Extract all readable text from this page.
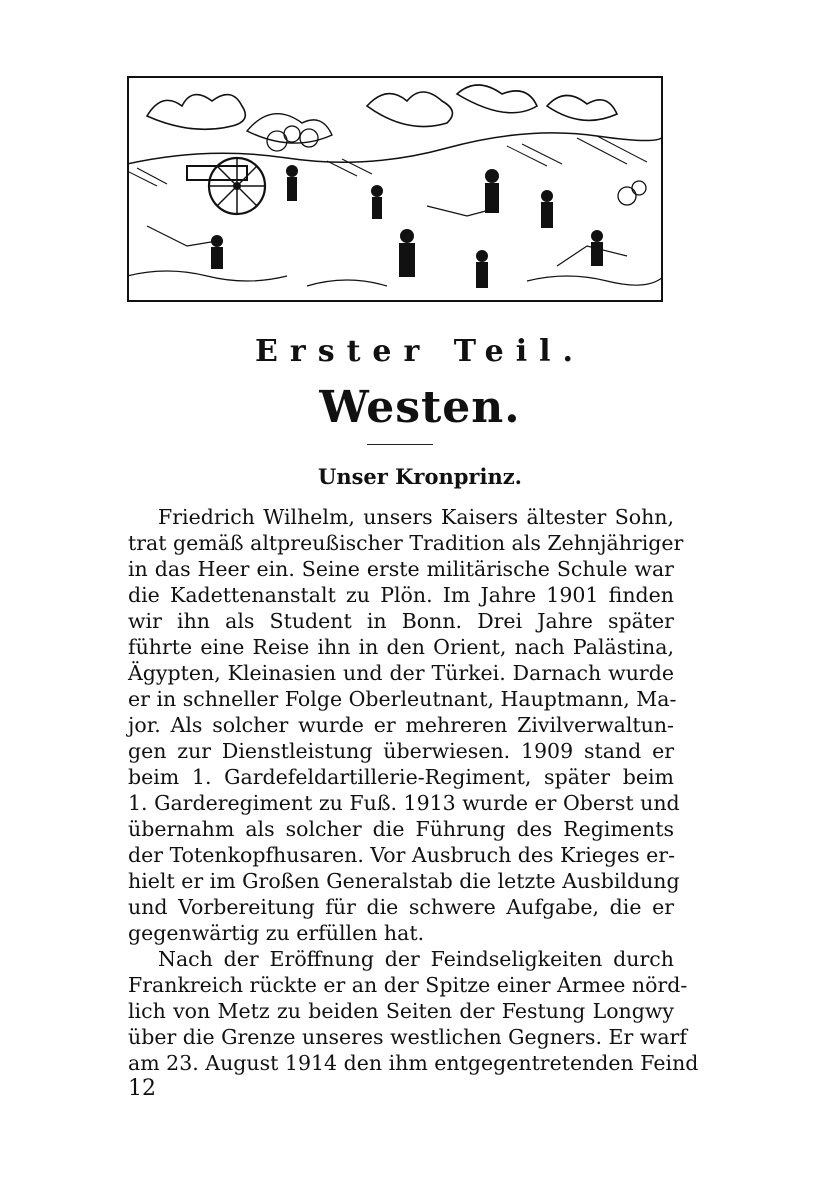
Erster Teil.
Westen.
Unser Kronprinz.
Friedrich Wilhelm, unsers Kaisers ältester Sohn,
trat gemäß altpreußischer Tradition als Zehnjähriger
in das Heer ein. Seine erste militärische Schule war
die Kadettenanstalt zu Plön. Im Jahre 1901 finden
wir ihn als Student in Bonn. Drei Jahre später
führte eine Reise ihn in den Orient, nach Palästina,
Ägypten, Kleinasien und der Türkei. Darnach wurde
er in schneller Folge Oberleutnant, Hauptmann, Ma-
jor. Als solcher wurde er mehreren Zivilverwaltun-
gen zur Dienstleistung überwiesen. 1909 stand er
beim 1. Gardefeldartillerie-Regiment, später beim
1. Garderegiment zu Fuß. 1913 wurde er Oberst und
übernahm als solcher die Führung des Regiments
der Totenkopfhusaren. Vor Ausbruch des Krieges er-
hielt er im Großen Generalstab die letzte Ausbildung
und Vorbereitung für die schwere Aufgabe, die er
gegenwärtig zu erfüllen hat.
Nach der Eröffnung der Feindseligkeiten durch
Frankreich rückte er an der Spitze einer Armee nörd-
lich von Metz zu beiden Seiten der Festung Longwy
über die Grenze unseres westlichen Gegners. Er warf
am 23. August 1914 den ihm entgegentretenden Feind
12
